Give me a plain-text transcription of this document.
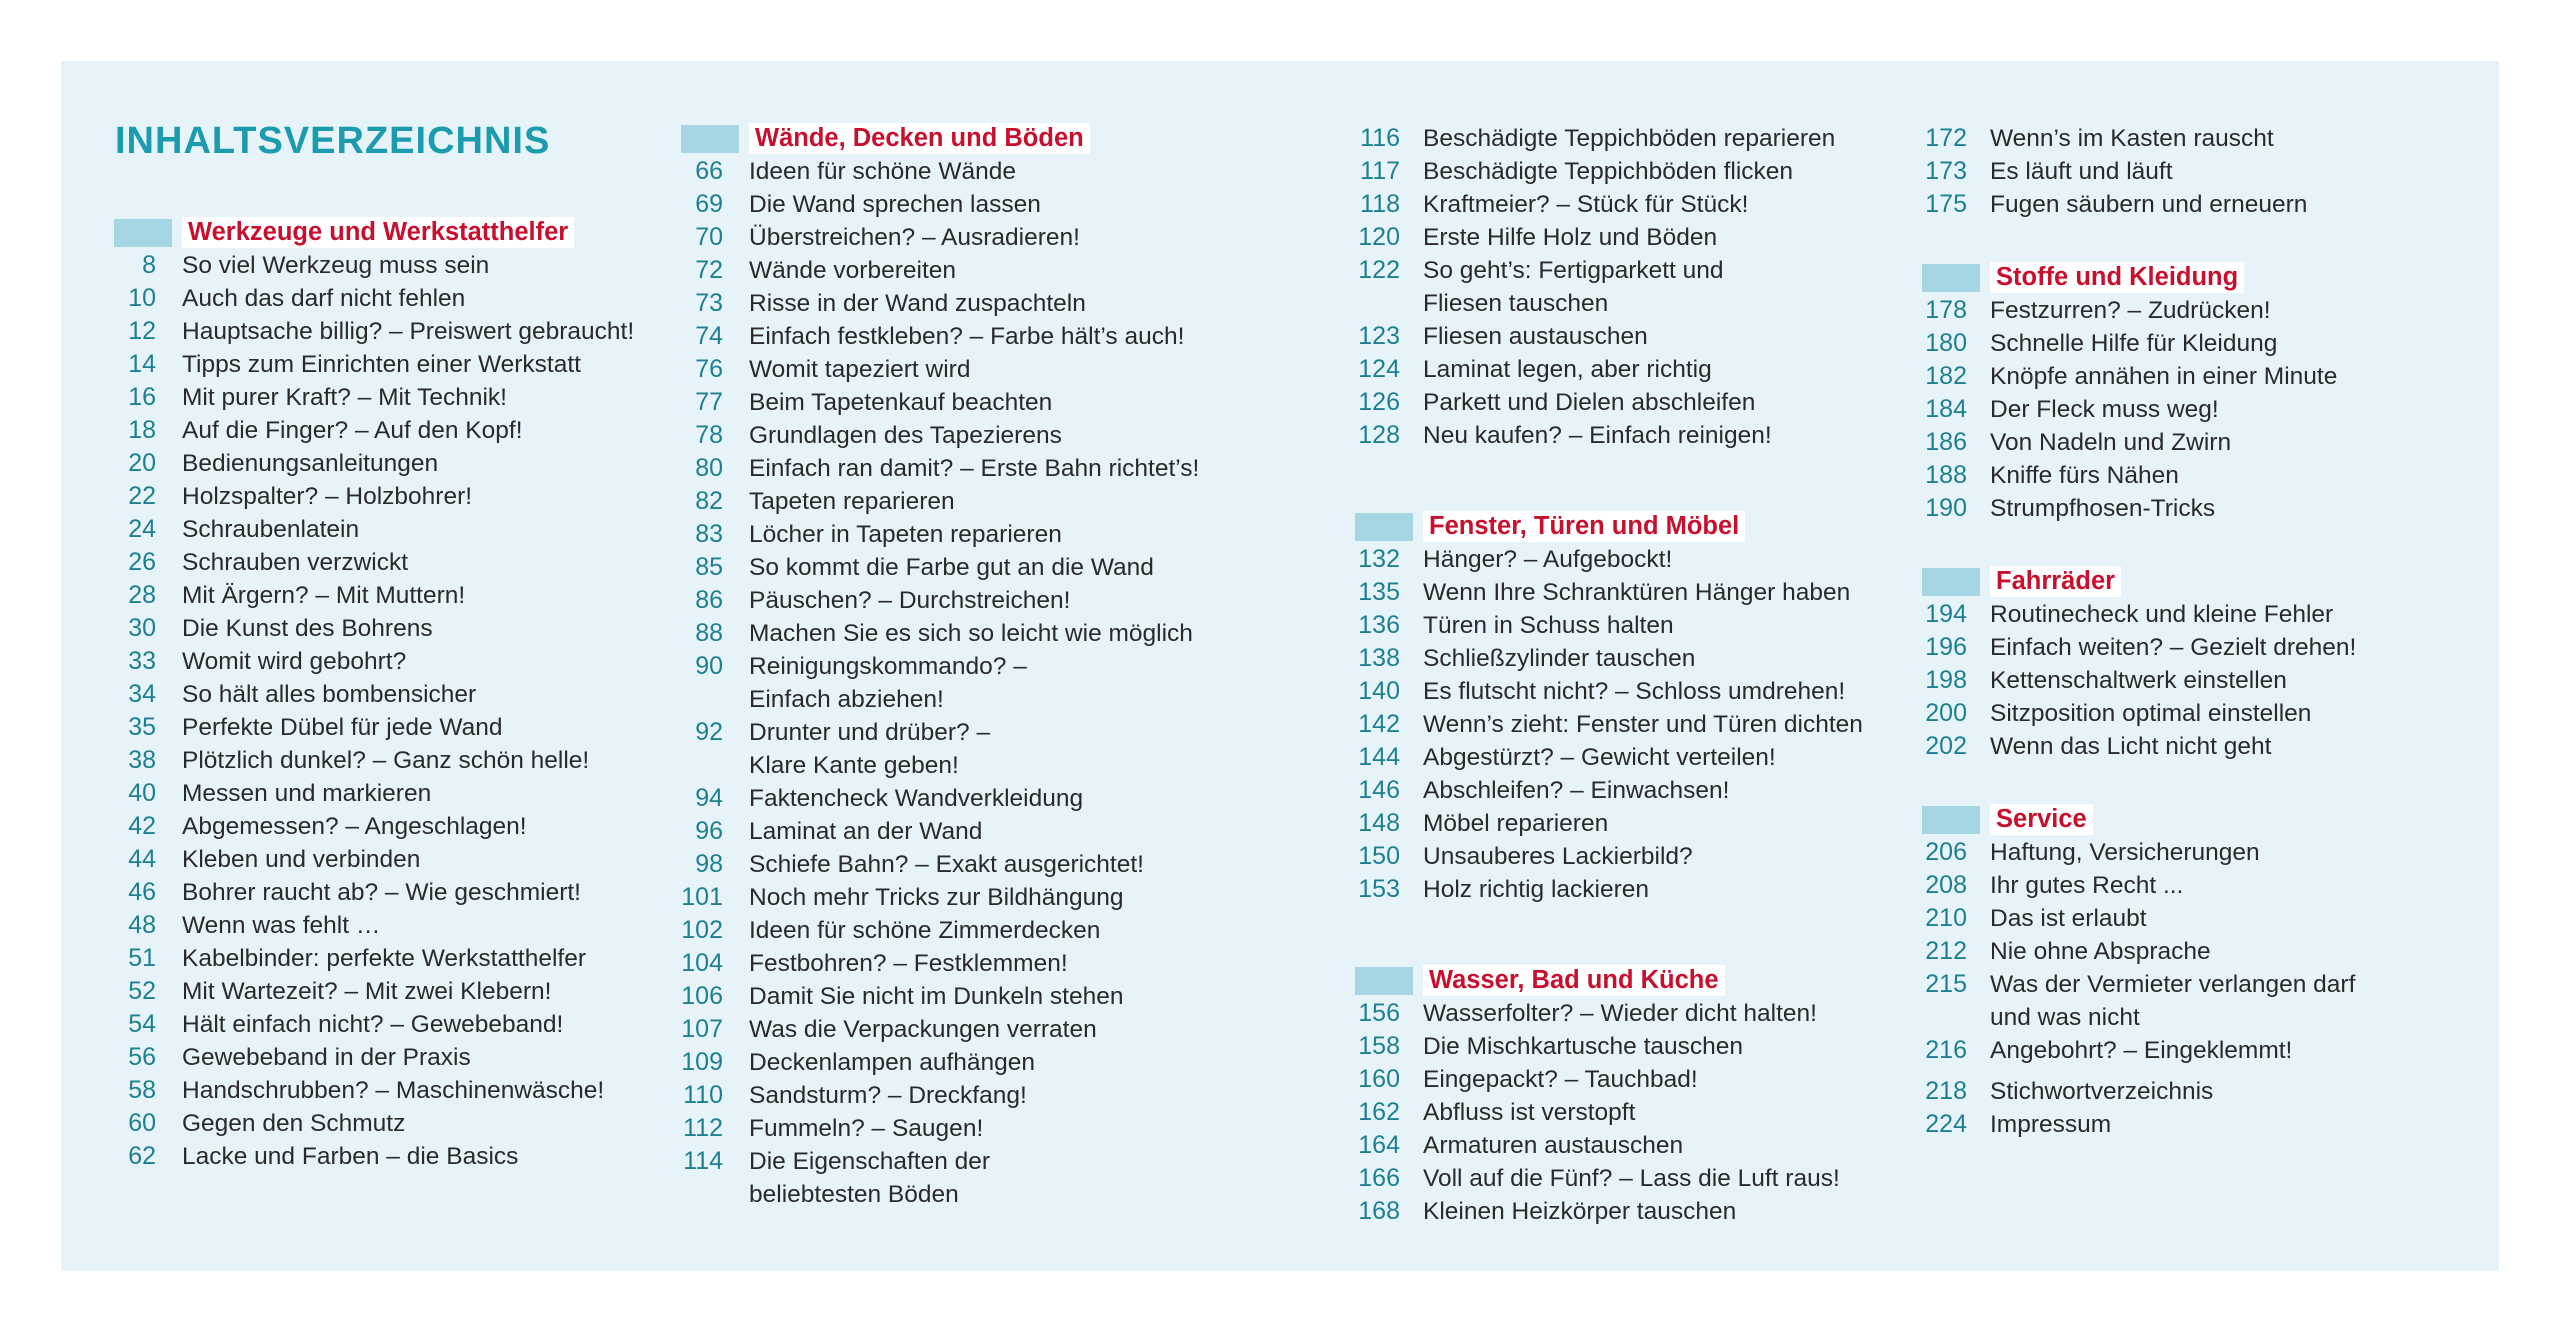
INHALTSVERZEICHNIS
Werkzeuge und Werkstatthelfer
8 So viel Werkzeug muss sein
10 Auch das darf nicht fehlen
12 Hauptsache billig? – Preiswert gebraucht!
14 Tipps zum Einrichten einer Werkstatt
16 Mit purer Kraft? – Mit Technik!
18 Auf die Finger? – Auf den Kopf!
20 Bedienungsanleitungen
22 Holzspalter? – Holzbohrer!
24 Schraubenlatein
26 Schrauben verzwickt
28 Mit Ärgern? – Mit Muttern!
30 Die Kunst des Bohrens
33 Womit wird gebohrt?
34 So hält alles bombensicher
35 Perfekte Dübel für jede Wand
38 Plötzlich dunkel? – Ganz schön helle!
40 Messen und markieren
42 Abgemessen? – Angeschlagen!
44 Kleben und verbinden
46 Bohrer raucht ab? – Wie geschmiert!
48 Wenn was fehlt …
51 Kabelbinder: perfekte Werkstatthelfer
52 Mit Wartezeit? – Mit zwei Klebern!
54 Hält einfach nicht? – Gewebeband!
56 Gewebeband in der Praxis
58 Handschrubben? – Maschinenwäsche!
60 Gegen den Schmutz
62 Lacke und Farben – die Basics
Wände, Decken und Böden
66 Ideen für schöne Wände
69 Die Wand sprechen lassen
70 Überstreichen? – Ausradieren!
72 Wände vorbereiten
73 Risse in der Wand zuspachteln
74 Einfach festkleben? – Farbe hält’s auch!
76 Womit tapeziert wird
77 Beim Tapetenkauf beachten
78 Grundlagen des Tapezierens
80 Einfach ran damit? – Erste Bahn richtet’s!
82 Tapeten reparieren
83 Löcher in Tapeten reparieren
85 So kommt die Farbe gut an die Wand
86 Päuschen? – Durchstreichen!
88 Machen Sie es sich so leicht wie möglich
90 Reinigungskommando? –
Einfach abziehen!
92 Drunter und drüber? –
Klare Kante geben!
94 Faktencheck Wandverkleidung
96 Laminat an der Wand
98 Schiefe Bahn? – Exakt ausgerichtet!
101 Noch mehr Tricks zur Bildhängung
102 Ideen für schöne Zimmerdecken
104 Festbohren? – Festklemmen!
106 Damit Sie nicht im Dunkeln stehen
107 Was die Verpackungen verraten
109 Deckenlampen aufhängen
110 Sandsturm? – Dreckfang!
112 Fummeln? – Saugen!
114 Die Eigenschaften der
beliebtesten Böden
116 Beschädigte Teppichböden reparieren
117 Beschädigte Teppichböden flicken
118 Kraftmeier? – Stück für Stück!
120 Erste Hilfe Holz und Böden
122 So geht’s: Fertigparkett und
Fliesen tauschen
123 Fliesen austauschen
124 Laminat legen, aber richtig
126 Parkett und Dielen abschleifen
128 Neu kaufen? – Einfach reinigen!
Fenster, Türen und Möbel
132 Hänger? – Aufgebockt!
135 Wenn Ihre Schranktüren Hänger haben
136 Türen in Schuss halten
138 Schließzylinder tauschen
140 Es flutscht nicht? – Schloss umdrehen!
142 Wenn’s zieht: Fenster und Türen dichten
144 Abgestürzt? – Gewicht verteilen!
146 Abschleifen? – Einwachsen!
148 Möbel reparieren
150 Unsauberes Lackierbild?
153 Holz richtig lackieren
Wasser, Bad und Küche
156 Wasserfolter? – Wieder dicht halten!
158 Die Mischkartusche tauschen
160 Eingepackt? – Tauchbad!
162 Abfluss ist verstopft
164 Armaturen austauschen
166 Voll auf die Fünf? – Lass die Luft raus!
168 Kleinen Heizkörper tauschen
172 Wenn’s im Kasten rauscht
173 Es läuft und läuft
175 Fugen säubern und erneuern
Stoffe und Kleidung
178 Festzurren? – Zudrücken!
180 Schnelle Hilfe für Kleidung
182 Knöpfe annähen in einer Minute
184 Der Fleck muss weg!
186 Von Nadeln und Zwirn
188 Kniffe fürs Nähen
190 Strumpfhosen-Tricks
Fahrräder
194 Routinecheck und kleine Fehler
196 Einfach weiten? – Gezielt drehen!
198 Kettenschaltwerk einstellen
200 Sitzposition optimal einstellen
202 Wenn das Licht nicht geht
Service
206 Haftung, Versicherungen
208 Ihr gutes Recht ...
210 Das ist erlaubt
212 Nie ohne Absprache
215 Was der Vermieter verlangen darf
und was nicht
216 Angebohrt? – Eingeklemmt!
218 Stichwortverzeichnis
224 Impressum
